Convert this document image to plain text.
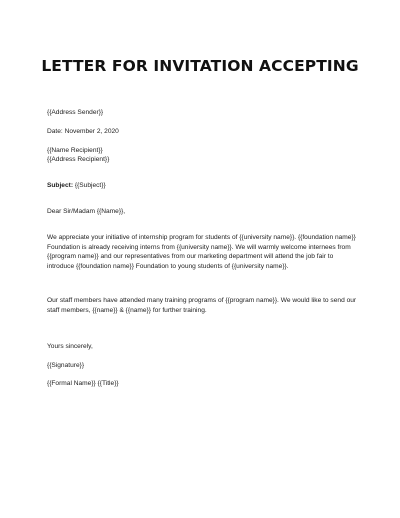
LETTER FOR INVITATION ACCEPTING
{{Address Sender}}
Date: November 2, 2020
{{Name Recipient}}
{{Address Recipient}}
Subject: {{Subject}}
Dear Sir/Madam {{Name}},
We appreciate your initiative of internship program for students of {{university name}}. {{foundation name}} Foundation is already receiving interns from {{university name}}. We will warmly welcome internees from {{program name}} and our representatives from our marketing department will attend the job fair to introduce {{foundation name}} Foundation to young students of {{university name}}.
Our staff members have attended many training programs of {{program name}}. We would like to send our staff members, {{name}} & {{name}} for further training.
Yours sincerely,
{{Signature}}
{{Formal Name}} {{Title}}
